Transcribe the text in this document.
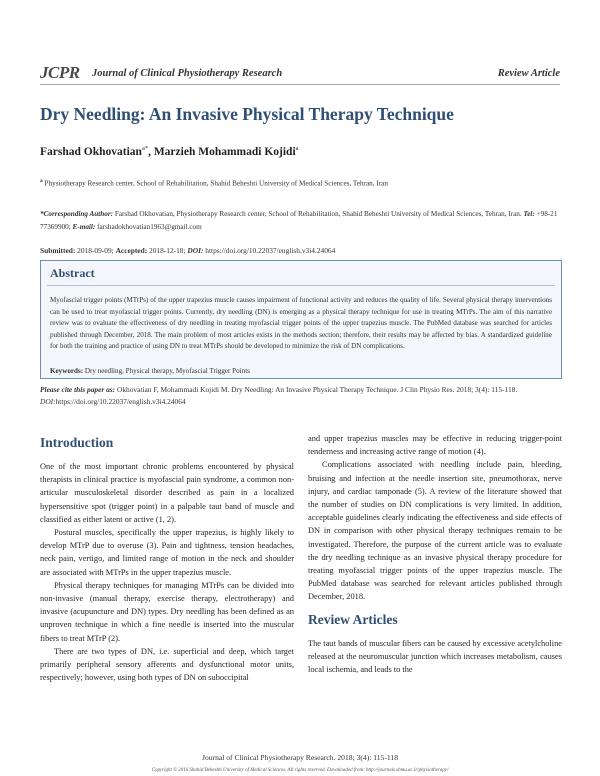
JCPR Journal of Clinical Physiotherapy Research	Review Article
Dry Needling: An Invasive Physical Therapy Technique
Farshad Okhovatian$^{a*}$, Marzieh Mohammadi Kojidi$^a$
$^a$ Physiotherapy Research center, School of Rehabilitation, Shahid Beheshti University of Medical Sciences, Tehran, Iran
*Corresponding Author: Farshad Okhovatian, Physiotherapy Research center, School of Rehabilitation, Shahid Beheshti University of Medical Sciences, Tehran, Iran. Tel: +98-21 77369900; E-mail: farshadokhovatian1963@gmail.com
Submitted: 2018-09-09; Accepted: 2018-12-18; DOI: https://doi.org/10.22037/english.v3i4.24064
Abstract
Myofascial trigger points (MTrPs) of the upper trapezius muscle causes impairment of functional activity and reduces the quality of life. Several physical therapy interventions can be used to treat myofascial trigger points. Currently, dry needling (DN) is emerging as a physical therapy technique for use in treating MTrPs. The aim of this narrative review was to evaluate the effectiveness of dry needling in treating myofascial trigger points of the upper trapezius muscle. The PubMed database was searched for articles published through December, 2018. The main problem of most articles exists in the methods section; therefore, their results may be affected by bias. A standardized guideline for both the training and practice of using DN to treat MTrPs should be developed to minimize the risk of DN complications.
Keywords: Dry needling, Physical therapy, Myofascial Trigger Points
Please cite this paper as: Okhovatian F, Mohammadi Kojidi M. Dry Needling: An Invasive Physical Therapy Technique. J Clin Physio Res. 2018; 3(4): 115-118. DOI:https://doi.org/10.22037/english.v3i4.24064
Introduction

One of the most important chronic problems encountered by physical therapists in clinical practice is myofascial pain syndrome, a common non-articular musculoskeletal disorder described as pain in a localized hypersensitive spot (trigger point) in a palpable taut band of muscle and classified as either latent or active (1, 2).

Postural muscles, specifically the upper trapezius, is highly likely to develop MTrP due to overuse (3). Pain and tightness, tension headaches, neck pain, vertigo, and limited range of motion in the neck and shoulder are associated with MTrPs in the upper trapezius muscle.

Physical therapy techniques for managing MTrPs can be divided into non-invasive (manual therapy, exercise therapy, electrotherapy) and invasive (acupuncture and DN) types. Dry needling has been defined as an unproven technique in which a fine needle is inserted into the muscular fibers to treat MTrP (2).

There are two types of DN, i.e. superficial and deep, which target primarily peripheral sensory afferents and dysfunctional motor units, respectively; however, using both types of DN on suboccipital

and upper trapezius muscles may be effective in reducing trigger-point tenderness and increasing active range of motion (4).

Complications associated with needling include pain, bleeding, bruising and infection at the needle insertion site, pneumothorax, nerve injury, and cardiac tamponade (5). A review of the literature showed that the number of studies on DN complications is very limited. In addition, acceptable guidelines clearly indicating the effectiveness and side effects of DN in comparison with other physical therapy techniques remain to be investigated. Therefore, the purpose of the current article was to evaluate the dry needling technique as an invasive physical therapy procedure for treating myofascial trigger points of the upper trapezius muscle. The PubMed database was searched for relevant articles published through December, 2018.

Review Articles

The taut bands of muscular fibers can be caused by excessive acetylcholine released at the neuromuscular junction which increases metabolism, causes local ischemia, and leads to the

Journal of Clinical Physiotherapy Research. 2018; 3(4): 115-118
Copyright © 2016 Shahid Beheshti University of Medical Sciences. All rights reserved. Downloaded from: http://journals.sbmu.ac.ir/physiotherapy/
